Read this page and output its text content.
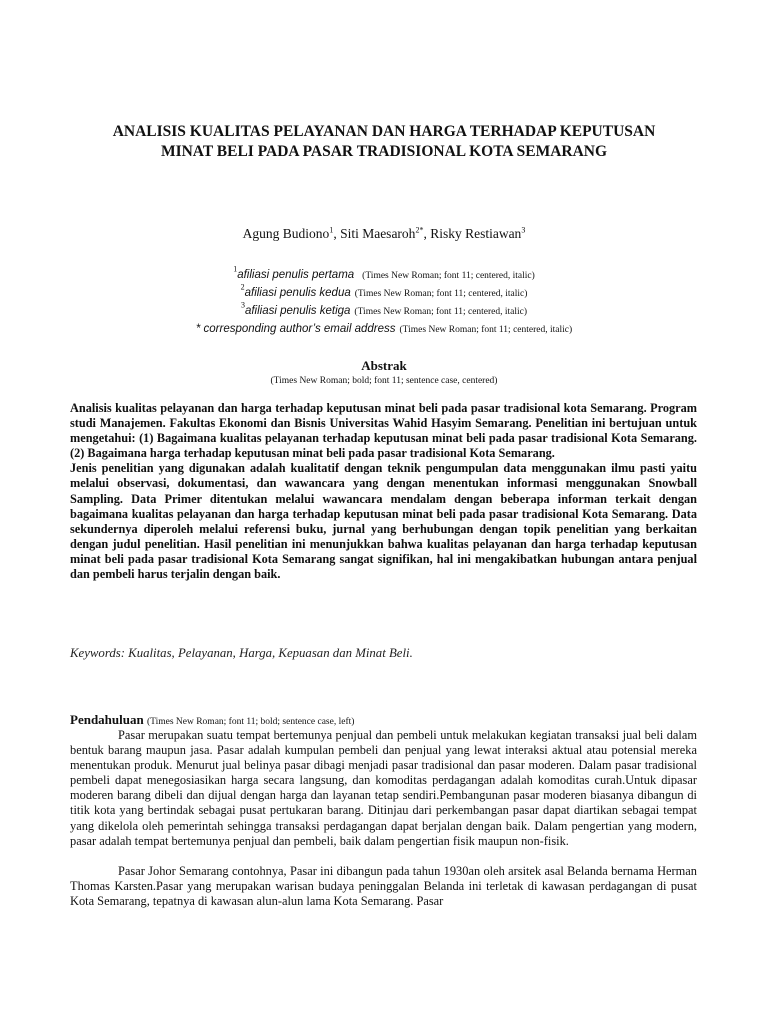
ANALISIS KUALITAS PELAYANAN DAN HARGA TERHADAP KEPUTUSAN MINAT BELI PADA PASAR TRADISIONAL KOTA SEMARANG
Agung Budiono$^1$, Siti Maesaroh$^{2*}$, Risky Restiawan$^3$
$^1$afiliasi penulis pertama (Times New Roman; font 11; centered, italic)
$^2$afiliasi penulis kedua (Times New Roman; font 11; centered, italic)
$^3$afiliasi penulis ketiga (Times New Roman; font 11; centered, italic)
* corresponding author’s email address (Times New Roman; font 11; centered, italic)
Abstrak
(Times New Roman; bold; font 11; sentence case, centered)

Analisis kualitas pelayanan dan harga terhadap keputusan minat beli pada pasar tradisional kota Semarang. Program studi Manajemen. Fakultas Ekonomi dan Bisnis Universitas Wahid Hasyim Semarang. Penelitian ini bertujuan untuk mengetahui: (1) Bagaimana kualitas pelayanan terhadap keputusan minat beli pada pasar tradisional Kota Semarang. (2) Bagaimana harga terhadap keputusan minat beli pada pasar tradisional Kota Semarang.

Jenis penelitian yang digunakan adalah kualitatif dengan teknik pengumpulan data menggunakan ilmu pasti yaitu melalui observasi, dokumentasi, dan wawancara yang dengan menentukan informasi menggunakan Snowball Sampling. Data Primer ditentukan melalui wawancara mendalam dengan beberapa informan terkait dengan bagaimana kualitas pelayanan dan harga terhadap keputusan minat beli pada pasar tradisional Kota Semarang. Data sekundernya diperoleh melalui referensi buku, jurnal yang berhubungan dengan topik penelitian yang berkaitan dengan judul penelitian. Hasil penelitian ini menunjukkan bahwa kualitas pelayanan dan harga terhadap keputusan minat beli pada pasar tradisional Kota Semarang sangat signifikan, hal ini mengakibatkan hubungan antara penjual dan pembeli harus terjalin dengan baik.

Keywords: Kualitas, Pelayanan, Harga, Kepuasan dan Minat Beli.
Pendahuluan (Times New Roman; font 11; bold; sentence case, left)

Pasar merupakan suatu tempat bertemunya penjual dan pembeli untuk melakukan kegiatan transaksi jual beli dalam bentuk barang maupun jasa. Pasar adalah kumpulan pembeli dan penjual yang lewat interaksi aktual atau potensial mereka menentukan produk. Menurut jual belinya pasar dibagi menjadi pasar tradisional dan pasar moderen. Dalam pasar tradisional pembeli dapat menegosiasikan harga secara langsung, dan komoditas perdagangan adalah komoditas curah.Untuk dipasar moderen barang dibeli dan dijual dengan harga dan layanan tetap sendiri.Pembangunan pasar moderen biasanya dibangun di titik kota yang bertindak sebagai pusat pertukaran barang. Ditinjau dari perkembangan pasar dapat diartikan sebagai tempat yang dikelola oleh pemerintah sehingga transaksi perdagangan dapat berjalan dengan baik. Dalam pengertian yang modern, pasar adalah tempat bertemunya penjual dan pembeli, baik dalam pengertian fisik maupun non-fisik.

Pasar Johor Semarang contohnya, Pasar ini dibangun pada tahun 1930an oleh arsitek asal Belanda bernama Herman Thomas Karsten.Pasar yang merupakan warisan budaya peninggalan Belanda ini terletak di kawasan perdagangan di pusat Kota Semarang, tepatnya di kawasan alun-alun lama Kota Semarang. Pasar
